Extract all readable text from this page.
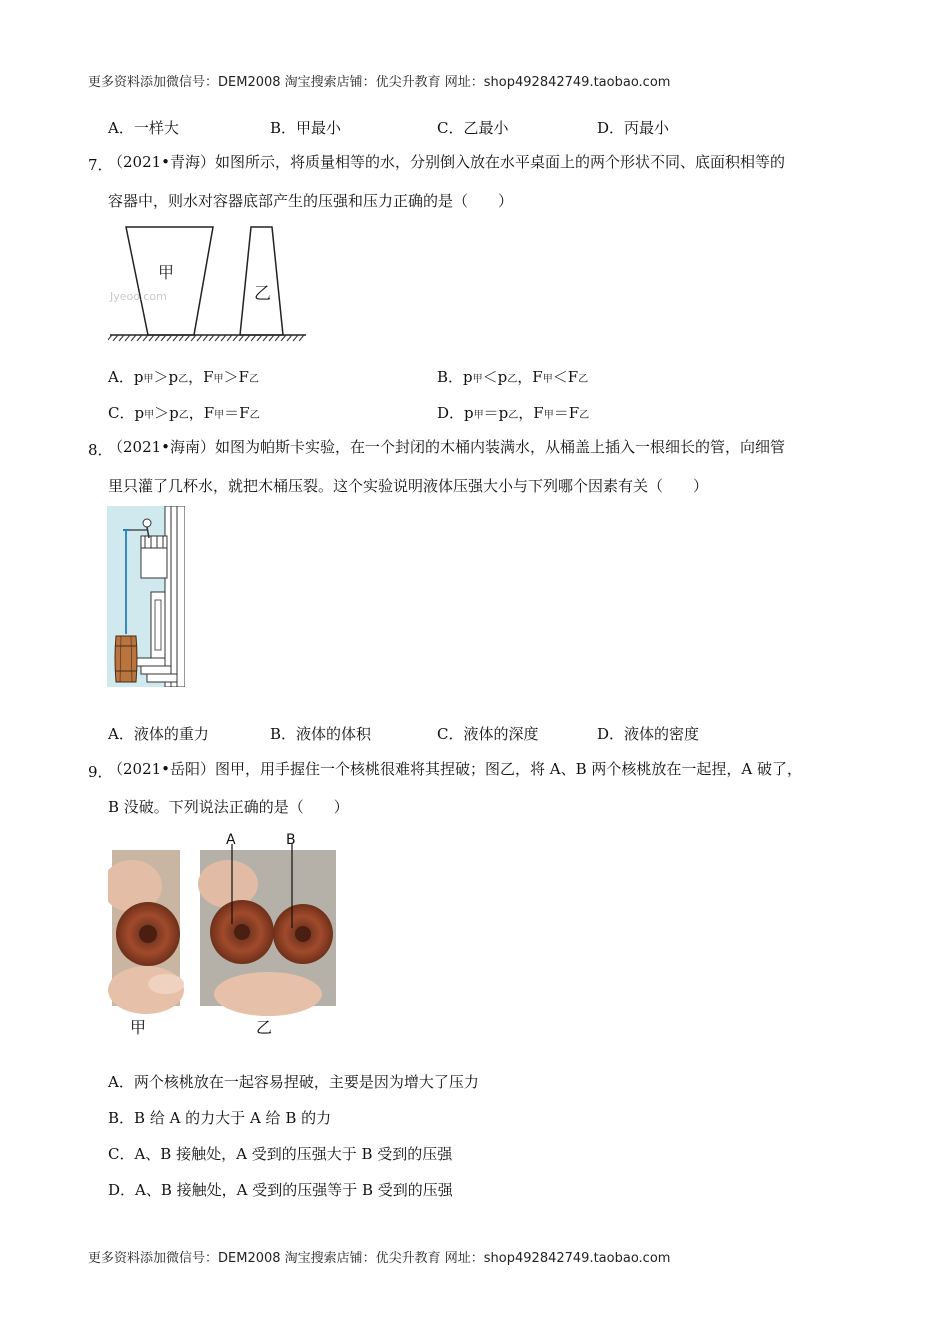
更多资料添加微信号：DEM2008 淘宝搜索店铺：优尖升教育 网址：shop492842749.taobao.com
A．一样大	B．甲最小	C．乙最小	D．丙最小
7．
（2021•青海）如图所示，将质量相等的水，分别倒入放在水平桌面上的两个形状不同、底面积相等的
容器中，则水对容器底部产生的压强和压力正确的是（　　）
甲
乙
Jyeoo.com
A．p甲＞p乙，F甲＞F乙	B．p甲＜p乙，F甲＜F乙
C．p甲＞p乙，F甲＝F乙	D．p甲＝p乙，F甲＝F乙
8．
（2021•海南）如图为帕斯卡实验，在一个封闭的木桶内装满水，从桶盖上插入一根细长的管，向细管
里只灌了几杯水，就把木桶压裂。这个实验说明液体压强大小与下列哪个因素有关（　　）
A．液体的重力	B．液体的体积	C．液体的深度	D．液体的密度
9．
（2021•岳阳）图甲，用手握住一个核桃很难将其捏破；图乙，将 A、B 两个核桃放在一起捏，A 破了，
B 没破。下列说法正确的是（　　）
A	B
甲	乙
A．两个核桃放在一起容易捏破，主要是因为增大了压力
B．B 给 A 的力大于 A 给 B 的力
C．A、B 接触处，A 受到的压强大于 B 受到的压强
D．A、B 接触处，A 受到的压强等于 B 受到的压强
更多资料添加微信号：DEM2008 淘宝搜索店铺：优尖升教育 网址：shop492842749.taobao.com
